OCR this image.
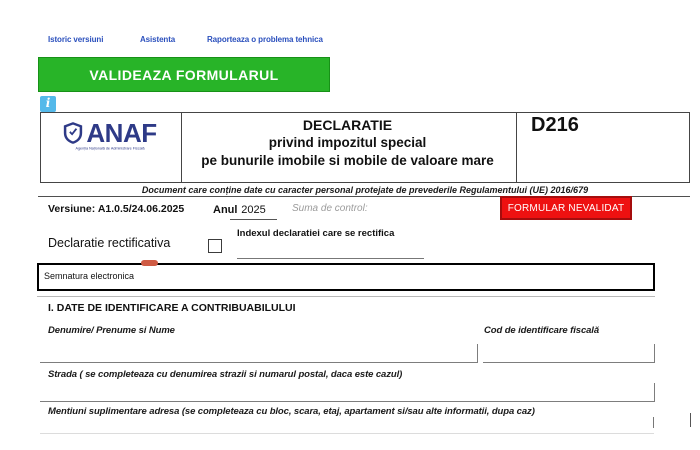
Istoric versiuni	Asistenta	Raporteaza o problema tehnica
VALIDEAZA FORMULARUL
i
ANAF
Agenția Națională de Administrare Fiscală
DECLARATIE
privind impozitul special
pe bunurile imobile si mobile de valoare mare
D216
Document care conține date cu caracter personal protejate de prevederile Regulamentului (UE) 2016/679
Versiune: A1.0.5/24.06.2025	Anul 2025	Suma de control:	FORMULAR NEVALIDAT
Declaratie rectificativa
Indexul declaratiei care se rectifica
Semnatura electronica
I. DATE DE IDENTIFICARE A CONTRIBUABILULUI
Denumire/ Prenume si Nume	Cod de identificare fiscală
Strada ( se completeaza cu denumirea strazii si numarul postal, daca este cazul)
Mentiuni suplimentare adresa (se completeaza cu bloc, scara, etaj, apartament si/sau alte informatii, dupa caz)
